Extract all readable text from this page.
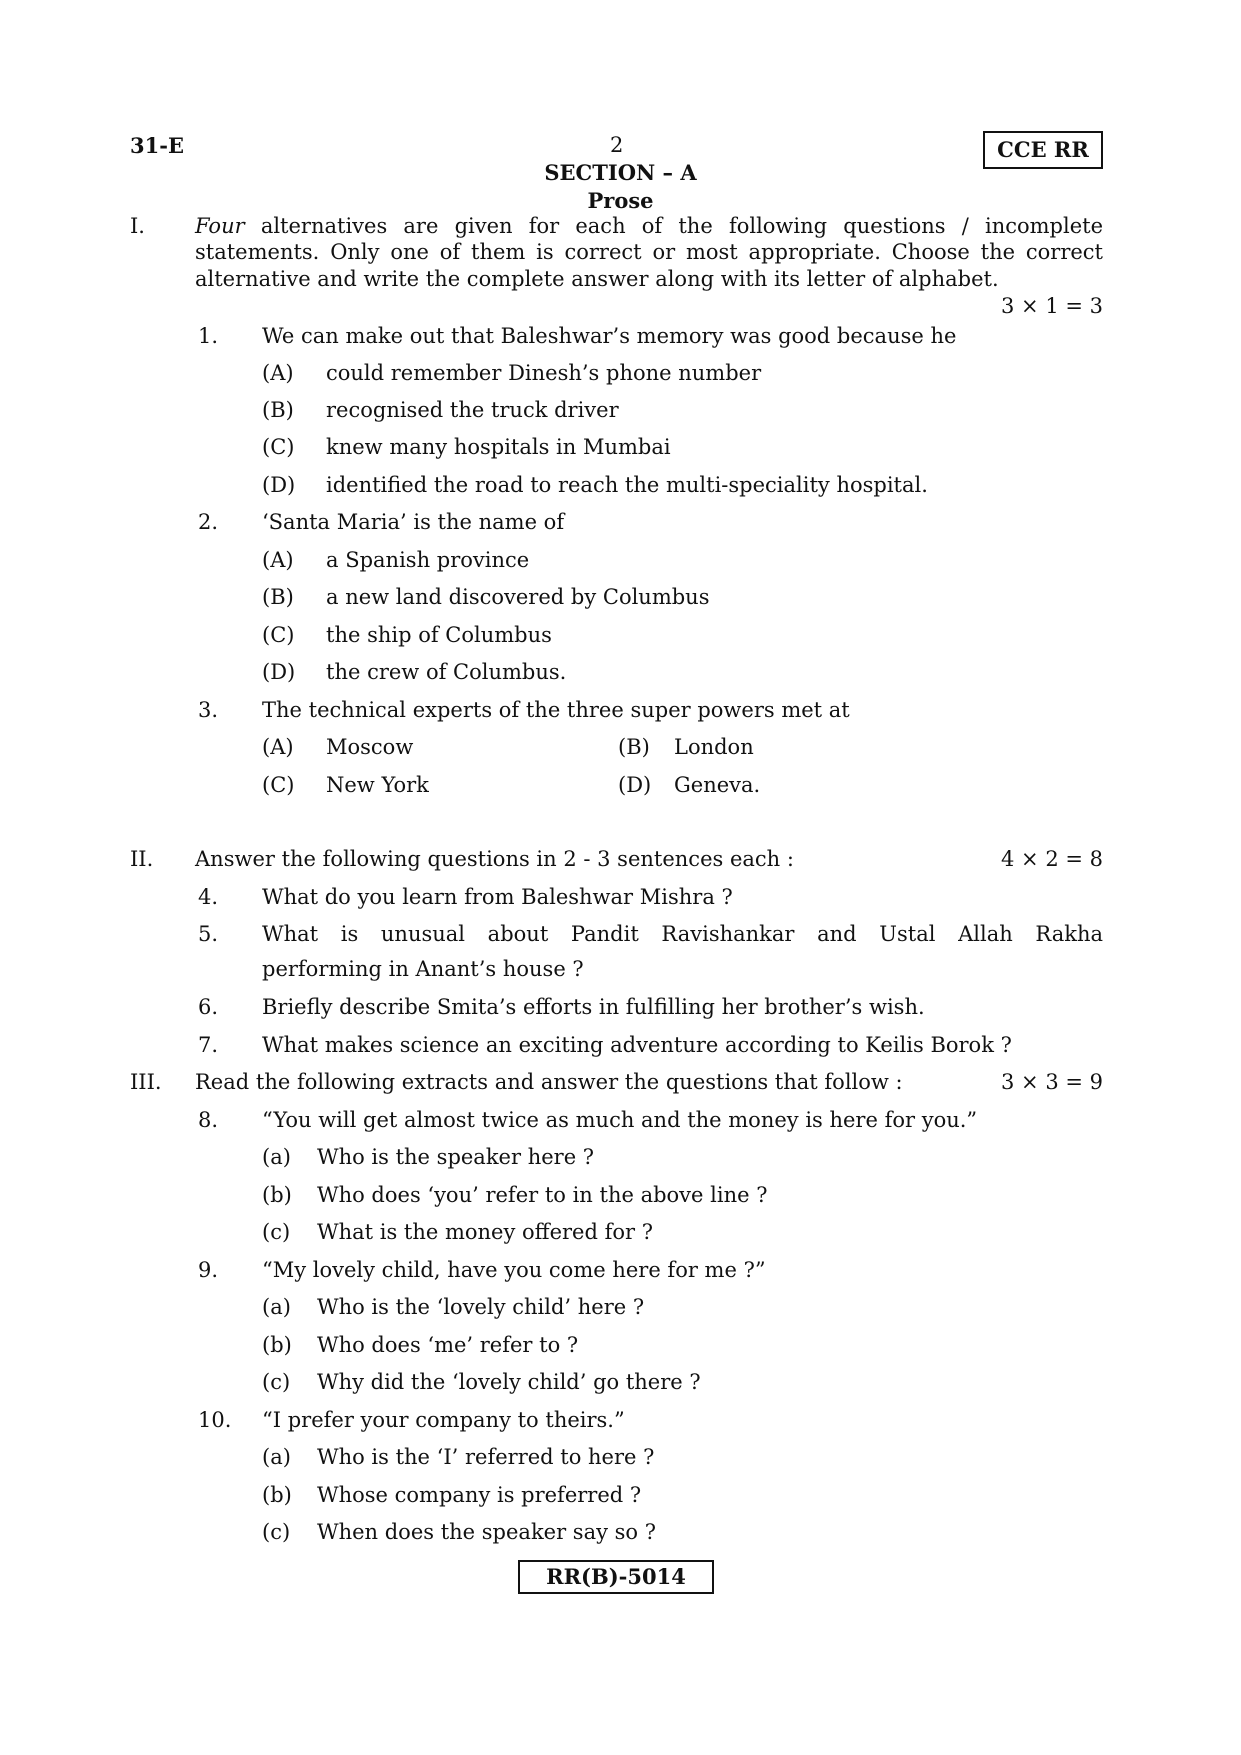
31-E	2	CCE RR
SECTION – A
Prose
I. Four alternatives are given for each of the following questions / incomplete
statements. Only one of them is correct or most appropriate. Choose the correct
alternative and write the complete answer along with its letter of alphabet.
3 × 1 = 3
1. We can make out that Baleshwar’s memory was good because he
(A) could remember Dinesh’s phone number
(B) recognised the truck driver
(C) knew many hospitals in Mumbai
(D) identified the road to reach the multi-speciality hospital.
2. ‘Santa Maria’ is the name of
(A) a Spanish province
(B) a new land discovered by Columbus
(C) the ship of Columbus
(D) the crew of Columbus.
3. The technical experts of the three super powers met at
(A) Moscow	(B) London
(C) New York	(D) Geneva.
II. Answer the following questions in 2 - 3 sentences each :	4 × 2 = 8
4. What do you learn from Baleshwar Mishra ?
5. What is unusual about Pandit Ravishankar and Ustal Allah Rakha
performing in Anant’s house ?
6. Briefly describe Smita’s efforts in fulfilling her brother’s wish.
7. What makes science an exciting adventure according to Keilis Borok ?
III. Read the following extracts and answer the questions that follow :	3 × 3 = 9
8. “You will get almost twice as much and the money is here for you.”
(a) Who is the speaker here ?
(b) Who does ‘you’ refer to in the above line ?
(c) What is the money offered for ?
9. “My lovely child, have you come here for me ?”
(a) Who is the ‘lovely child’ here ?
(b) Who does ‘me’ refer to ?
(c) Why did the ‘lovely child’ go there ?
10. “I prefer your company to theirs.”
(a) Who is the ‘I’ referred to here ?
(b) Whose company is preferred ?
(c) When does the speaker say so ?
RR(B)-5014
